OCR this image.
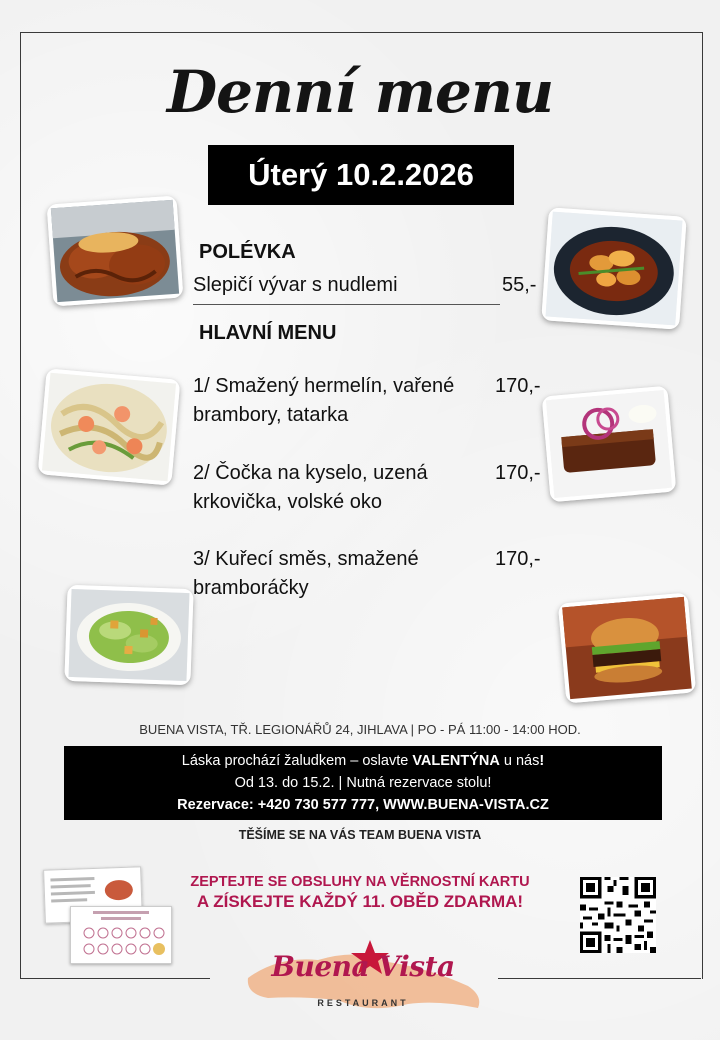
Denní menu
Úterý 10.2.2026
POLÉVKA
Slepičí vývar s nudlemi	55,-
HLAVNÍ MENU
1/ Smažený hermelín, vařené
brambory, tatarka
170,-
2/ Čočka na kyselo, uzená
krkovička, volské oko
170,-
3/ Kuřecí směs, smažené
bramboráčky
170,-
BUENA VISTA, TŘ. LEGIONÁŘŮ 24, JIHLAVA | PO - PÁ 11:00 - 14:00 HOD.
Láska prochází žaludkem – oslavte VALENTÝNA u nás!
Od 13. do 15.2. | Nutná rezervace stolu!
Rezervace: +420 730 577 777, WWW.BUENA-VISTA.CZ
TĚŠÍME SE NA VÁS TEAM BUENA VISTA
ZEPTEJTE SE OBSLUHY NA VĚRNOSTNÍ KARTU
A ZÍSKEJTE KAŽDÝ 11. OBĚD ZDARMA!
Buena Vista
RESTAURANT
